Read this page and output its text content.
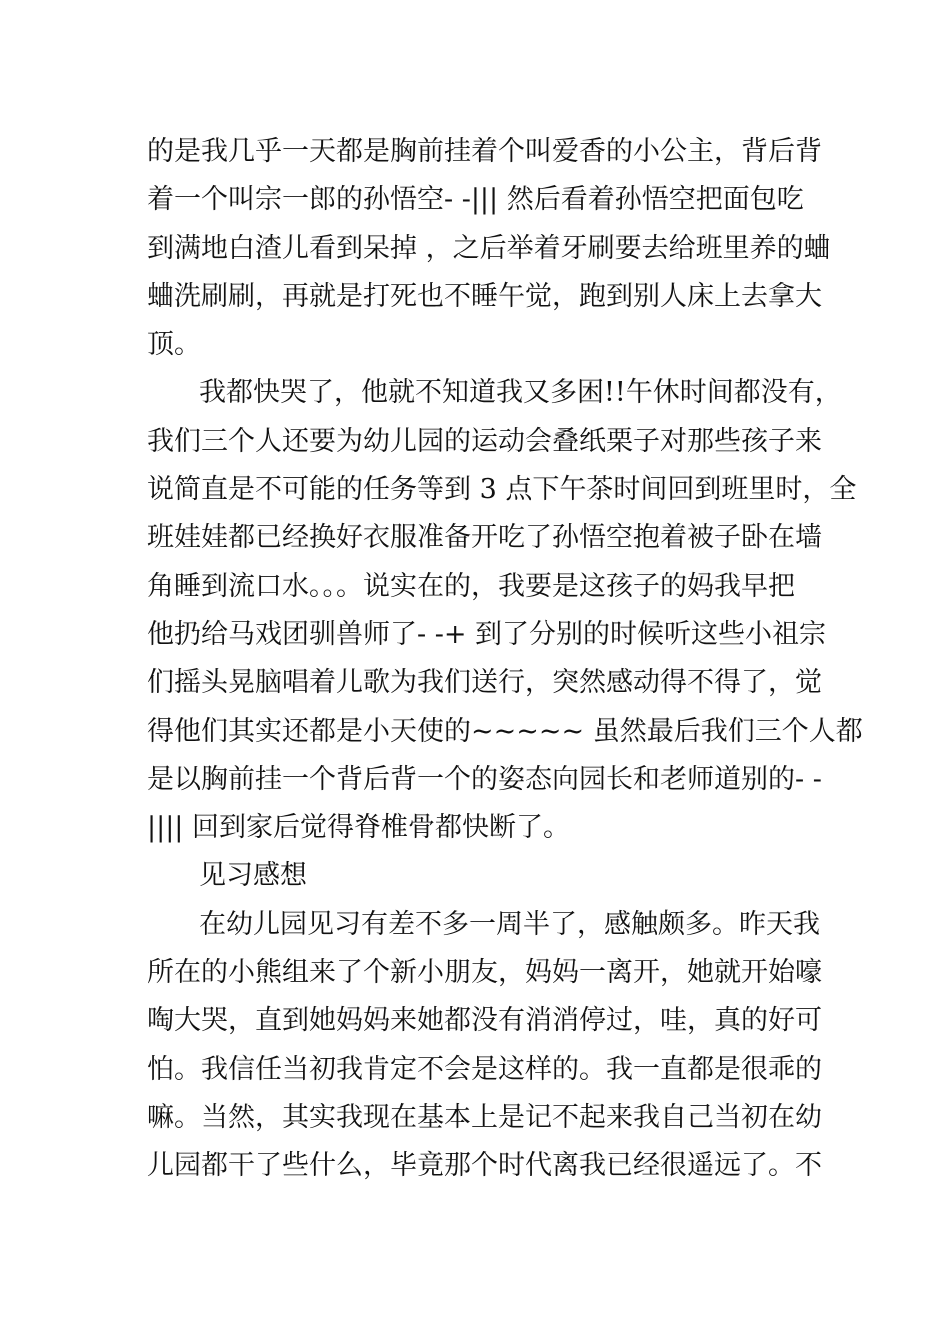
的是我几乎一天都是胸前挂着个叫爱香的小公主，背后背
着一个叫宗一郎的孙悟空- -||| 然后看着孙悟空把面包吃
到满地白渣儿看到呆掉 ，之后举着牙刷要去给班里养的蛐
蛐洗刷刷，再就是打死也不睡午觉，跑到别人床上去拿大
顶。
我都快哭了，他就不知道我又多困!!午休时间都没有，
我们三个人还要为幼儿园的运动会叠纸栗子对那些孩子来
说简直是不可能的任务等到 3 点下午茶时间回到班里时，全
班娃娃都已经换好衣服准备开吃了孙悟空抱着被子卧在墙
角睡到流口水。。。说实在的，我要是这孩子的妈我早把
他扔给马戏团驯兽师了- -+ 到了分别的时候听这些小祖宗
们摇头晃脑唱着儿歌为我们送行，突然感动得不得了，觉
得他们其实还都是小天使的~~~~~ 虽然最后我们三个人都
是以胸前挂一个背后背一个的姿态向园长和老师道别的- -
|||| 回到家后觉得脊椎骨都快断了。
见习感想
在幼儿园见习有差不多一周半了，感触颇多。昨天我
所在的小熊组来了个新小朋友，妈妈一离开，她就开始嚎
啕大哭，直到她妈妈来她都没有消消停过，哇，真的好可
怕。我信任当初我肯定不会是这样的。我一直都是很乖的
嘛。当然，其实我现在基本上是记不起来我自己当初在幼
儿园都干了些什么，毕竟那个时代离我已经很遥远了。不
